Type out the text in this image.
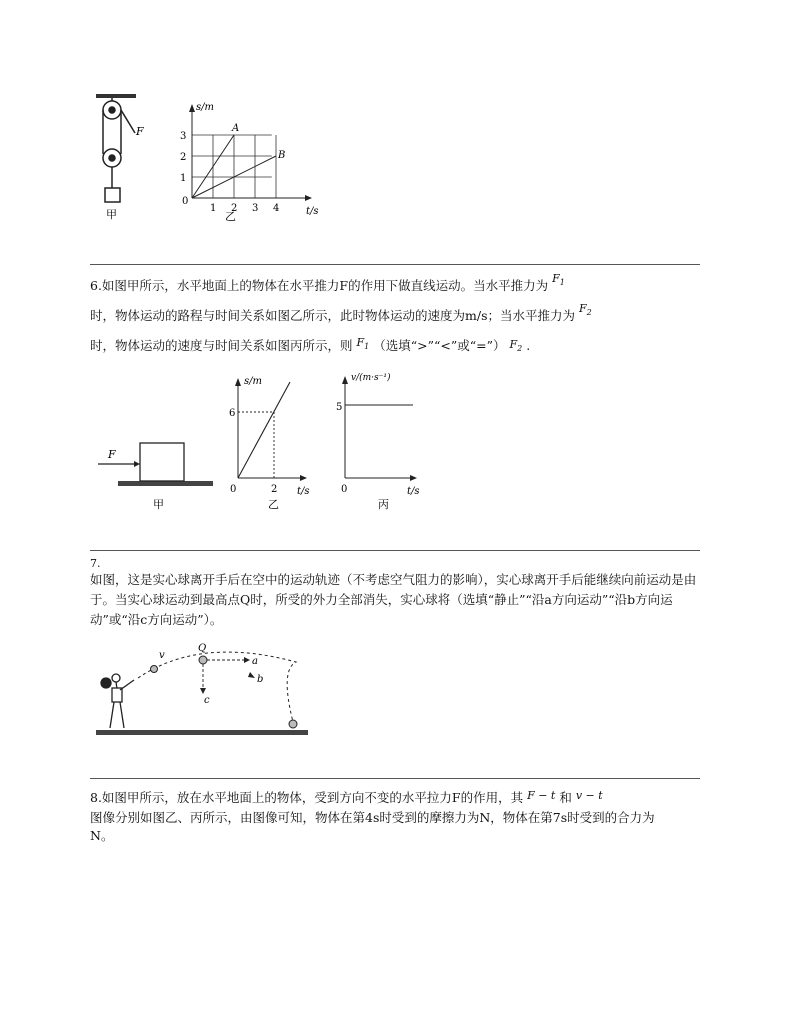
F
甲
s/m
t/s
0
1
2
3
1 2 3 4
A
B
乙
6.如图甲所示，水平地面上的物体在水平推力F的作用下做直线运动。当水平推力为 $F_1$
时，物体运动的路程与时间关系如图乙所示，此时物体运动的速度为m/s；当水平推力为 $F_2$
时，物体运动的速度与时间关系如图丙所示，则 $F_1$ （选填“>”“<”或“=”） $F_2$ .
F
甲
s/m
6
2
0	t/s
乙
v/(m·s⁻¹)
5
0	t/s
丙
7.
如图，这是实心球离开手后在空中的运动轨迹（不考虑空气阻力的影响），实心球离开手后能继续向前运动是由于。当实心球运动到最高点Q时，所受的外力全部消失，实心球将（选填“静止”“沿a方向运动”“沿b方向运动”或“沿c方向运动”）。
v
Q
a
b
c
8.如图甲所示，放在水平地面上的物体，受到方向不变的水平拉力F的作用，其 F − t 和 v − t
图像分别如图乙、丙所示，由图像可知，物体在第4s时受到的摩擦力为N，物体在第7s时受到的合力为
N。
